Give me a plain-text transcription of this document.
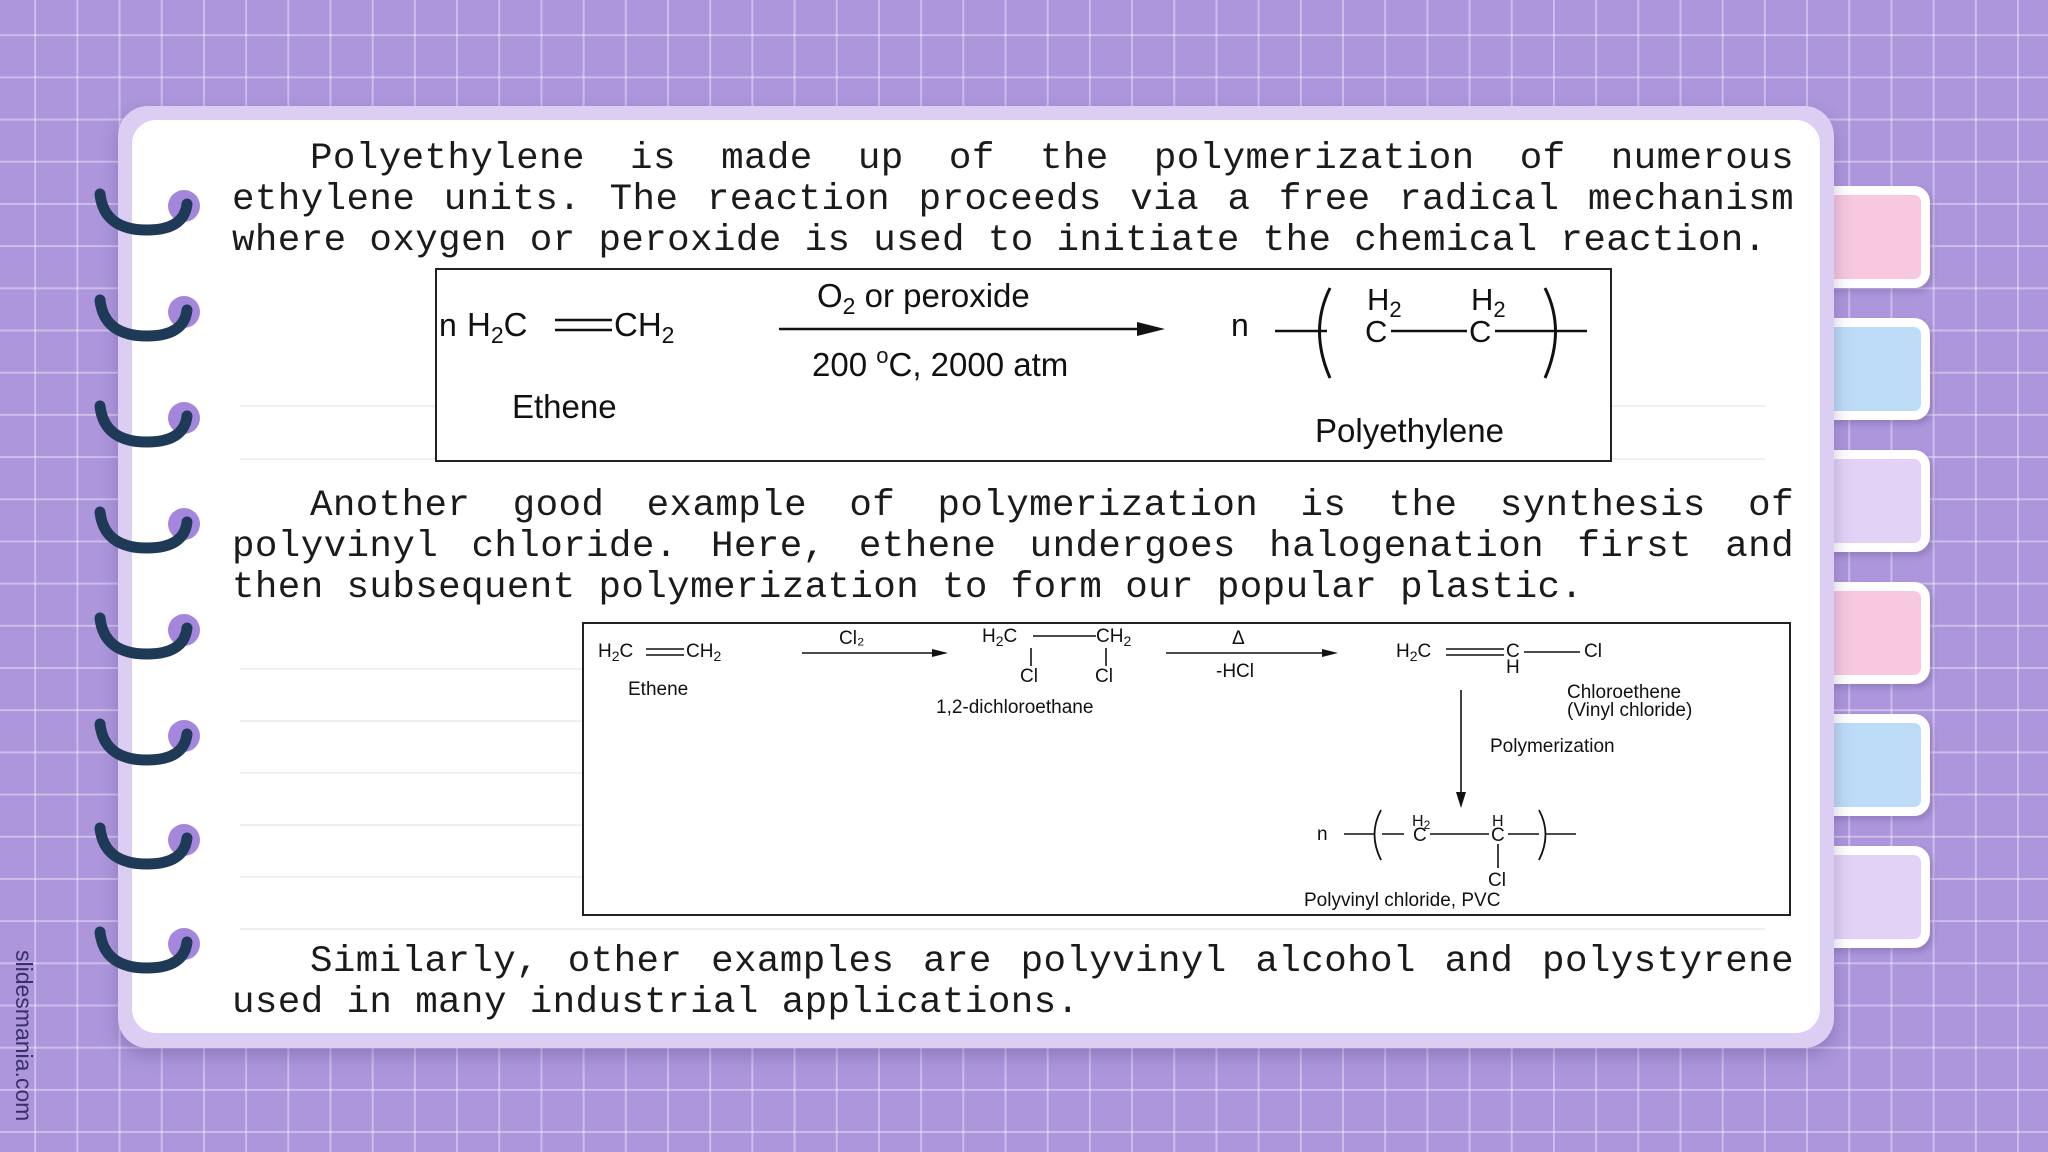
Polyethylene is made up of the polymerization of numerous ethylene units. The reaction proceeds via a free radical mechanism where oxygen or peroxide is used to initiate the chemical reaction.

Another good example of polymerization is the synthesis of polyvinyl chloride. Here, ethene undergoes halogenation first and then subsequent polymerization to form our popular plastic.

Similarly, other examples are polyvinyl alcohol and polystyrene used in many industrial applications.

n $H_2C$	$CH_2$
Ethene
$O_2$ or peroxide
200 $^o$C, 2000 atm
n
$H_2$
C
$H_2$
C
Polyethylene
$H_2C$	$CH_2$
Ethene
Cl₂	$H_2C$	$CH_2$
Cl	Cl
1,2-dichloroethane
Δ
-HCl
$H_2C$	C
H
Cl
Chloroethene
(Vinyl chloride)
Polymerization
n
H2
C
H
C
Cl
Polyvinyl chloride, PVC
slidesmania.com
